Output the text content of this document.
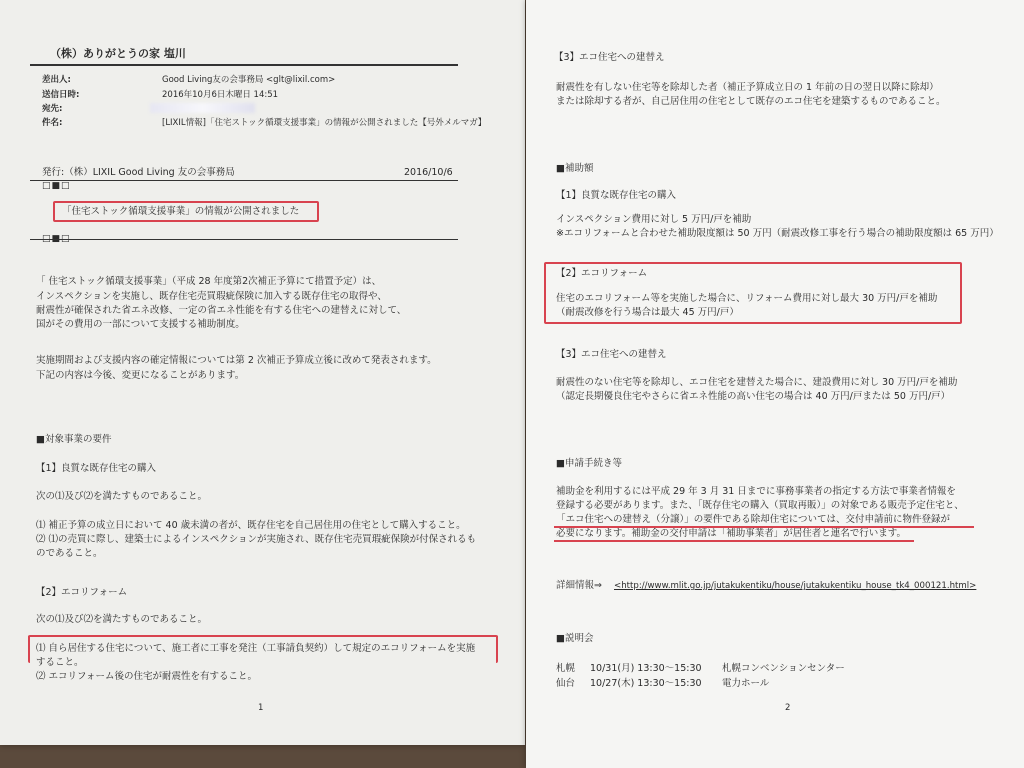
（株）ありがとうの家 塩川
差出人:	Good Living友の会事務局 <glt@lixil.com>
送信日時:	2016年10月6日木曜日 14:51
宛先:
件名:	[LIXIL情報]「住宅ストック循環支援事業」の情報が公開されました【号外メルマガ】
発行:（株）LIXIL Good Living 友の会事務局	2016/10/6
□■□
「住宅ストック循環支援事業」の情報が公開されました
□■□
「 住宅ストック循環支援事業」（平成 28 年度第2次補正予算にて措置予定）は、
インスペクションを実施し、既存住宅売買瑕疵保険に加入する既存住宅の取得や、
耐震性が確保された省エネ改修、一定の省エネ性能を有する住宅への建替えに対して、
国がその費用の一部について支援する補助制度。
実施期間および支援内容の確定情報については第 2 次補正予算成立後に改めて発表されます。
下記の内容は今後、変更になることがあります。
■対象事業の要件
【1】良質な既存住宅の購入
次の⑴及び⑵を満たすものであること。
⑴ 補正予算の成立日において 40 歳未満の者が、既存住宅を自己居住用の住宅として購入すること。
⑵ ⑴の売買に際し、建築士によるインスペクションが実施され、既存住宅売買瑕疵保険が付保されるも
のであること。
【2】エコリフォーム
次の⑴及び⑵を満たすものであること。
⑴ 自ら居住する住宅について、施工者に工事を発注（工事請負契約）して規定のエコリフォームを実施
すること。
⑵ エコリフォーム後の住宅が耐震性を有すること。
1
【3】エコ住宅への建替え
耐震性を有しない住宅等を除却した者（補正予算成立日の 1 年前の日の翌日以降に除却）
または除却する者が、自己居住用の住宅として既存のエコ住宅を建築するものであること。
■補助額
【1】良質な既存住宅の購入
インスペクション費用に対し 5 万円/戸を補助
※エコリフォームと合わせた補助限度額は 50 万円（耐震改修工事を行う場合の補助限度額は 65 万円）
【2】エコリフォーム
住宅のエコリフォーム等を実施した場合に、リフォーム費用に対し最大 30 万円/戸を補助
（耐震改修を行う場合は最大 45 万円/戸）
【3】エコ住宅への建替え
耐震性のない住宅等を除却し、エコ住宅を建替えた場合に、建設費用に対し 30 万円/戸を補助
（認定長期優良住宅やさらに省エネ性能の高い住宅の場合は 40 万円/戸または 50 万円/戸）
■申請手続き等
補助金を利用するには平成 29 年 3 月 31 日までに事務事業者の指定する方法で事業者情報を
登録する必要があります。また、「既存住宅の購入（買取再販）」の対象である販売予定住宅と、
「エコ住宅への建替え（分譲）」の要件である除却住宅については、交付申請前に物件登録が
必要になります。補助金の交付申請は「補助事業者」が居住者と連名で行います。
詳細情報⇒ <http://www.mlit.go.jp/jutakukentiku/house/jutakukentiku_house_tk4_000121.html>
■説明会
札幌 10/31(月) 13:30～15:30 札幌コンベンションセンター
仙台 10/27(木) 13:30～15:30 電力ホール
2
